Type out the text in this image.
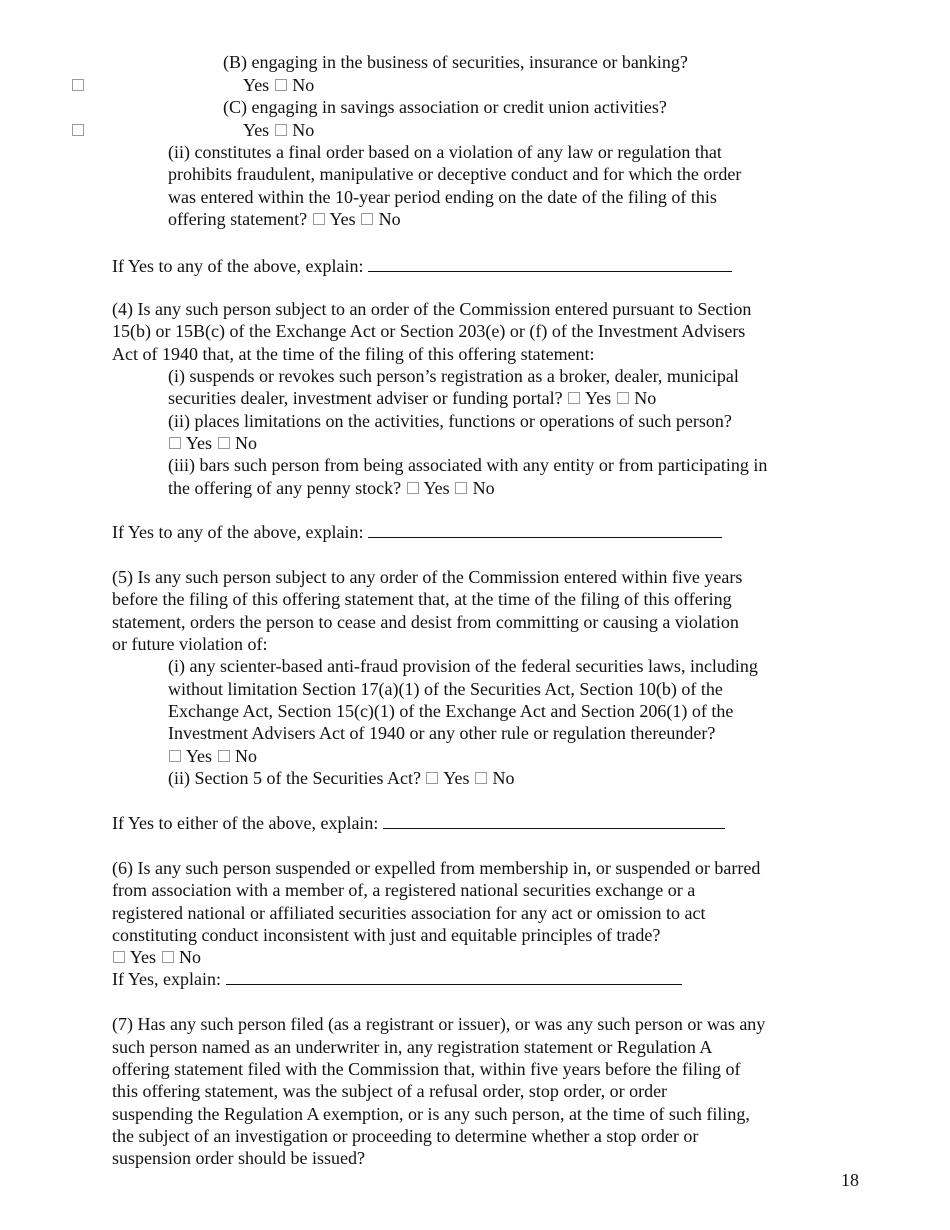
(B) engaging in the business of securities, insurance or banking?
Yes No
(C) engaging in savings association or credit union activities?
Yes No
(ii) constitutes a final order based on a violation of any law or regulation that
prohibits fraudulent, manipulative or deceptive conduct and for which the order
was entered within the 10-year period ending on the date of the filing of this
offering statement? Yes No
If Yes to any of the above, explain:
(4) Is any such person subject to an order of the Commission entered pursuant to Section
15(b) or 15B(c) of the Exchange Act or Section 203(e) or (f) of the Investment Advisers
Act of 1940 that, at the time of the filing of this offering statement:
(i) suspends or revokes such person’s registration as a broker, dealer, municipal
securities dealer, investment adviser or funding portal? Yes No
(ii) places limitations on the activities, functions or operations of such person?
Yes No
(iii) bars such person from being associated with any entity or from participating in
the offering of any penny stock? Yes No
If Yes to any of the above, explain:
(5) Is any such person subject to any order of the Commission entered within five years
before the filing of this offering statement that, at the time of the filing of this offering
statement, orders the person to cease and desist from committing or causing a violation
or future violation of:
(i) any scienter-based anti-fraud provision of the federal securities laws, including
without limitation Section 17(a)(1) of the Securities Act, Section 10(b) of the
Exchange Act, Section 15(c)(1) of the Exchange Act and Section 206(1) of the
Investment Advisers Act of 1940 or any other rule or regulation thereunder?
Yes No
(ii) Section 5 of the Securities Act? Yes No
If Yes to either of the above, explain:
(6) Is any such person suspended or expelled from membership in, or suspended or barred
from association with a member of, a registered national securities exchange or a
registered national or affiliated securities association for any act or omission to act
constituting conduct inconsistent with just and equitable principles of trade?
Yes No
If Yes, explain:
(7) Has any such person filed (as a registrant or issuer), or was any such person or was any
such person named as an underwriter in, any registration statement or Regulation A
offering statement filed with the Commission that, within five years before the filing of
this offering statement, was the subject of a refusal order, stop order, or order
suspending the Regulation A exemption, or is any such person, at the time of such filing,
the subject of an investigation or proceeding to determine whether a stop order or
suspension order should be issued?
18
